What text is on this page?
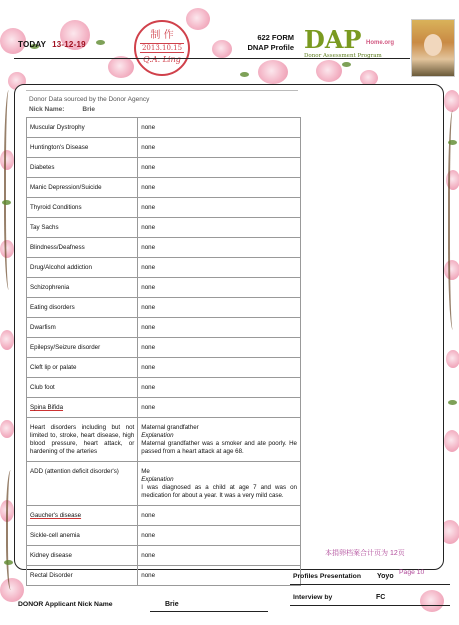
TODAY 13-12-19
制 作
2013.10.15
Q.A. Ling
622 FORM
DNAP Profile DAP Home.org
Donor Assessment Program
Donor Data sourced by the Donor Agency
Nick Name:	Brie
Muscular Dystrophy	none
Huntington's Disease	none
Diabetes	none
Manic Depression/Suicide	none
Thyroid Conditions	none
Tay Sachs	none
Blindness/Deafness	none
Drug/Alcohol addiction	none
Schizophrenia	none
Eating disorders	none
Dwarfism	none
Epilepsy/Seizure disorder	none
Cleft lip or palate	none
Club foot	none
Spina Bifida	none
Heart disorders including but not limited to, stroke, heart disease, high blood pressure, heart attack, or hardening of the arteries	Maternal grandfather
Explanation
Maternal grandfather was a smoker and ate poorly. He passed from a heart attack at age 68.

ADD (attention deficit disorder's)	Me
Explanation
I was diagnosed as a child at age 7 and was on medication for about a year. It was a very mild case.

Gaucher's disease	none
Sickle-cell anemia	none
Kidney disease	none
Rectal Disorder	none
本捐卵档案合计页为 12页
Profiles Presentation Yoyo
Page 10
Interview by	FC
DONOR Applicant Nick Name	Brie
